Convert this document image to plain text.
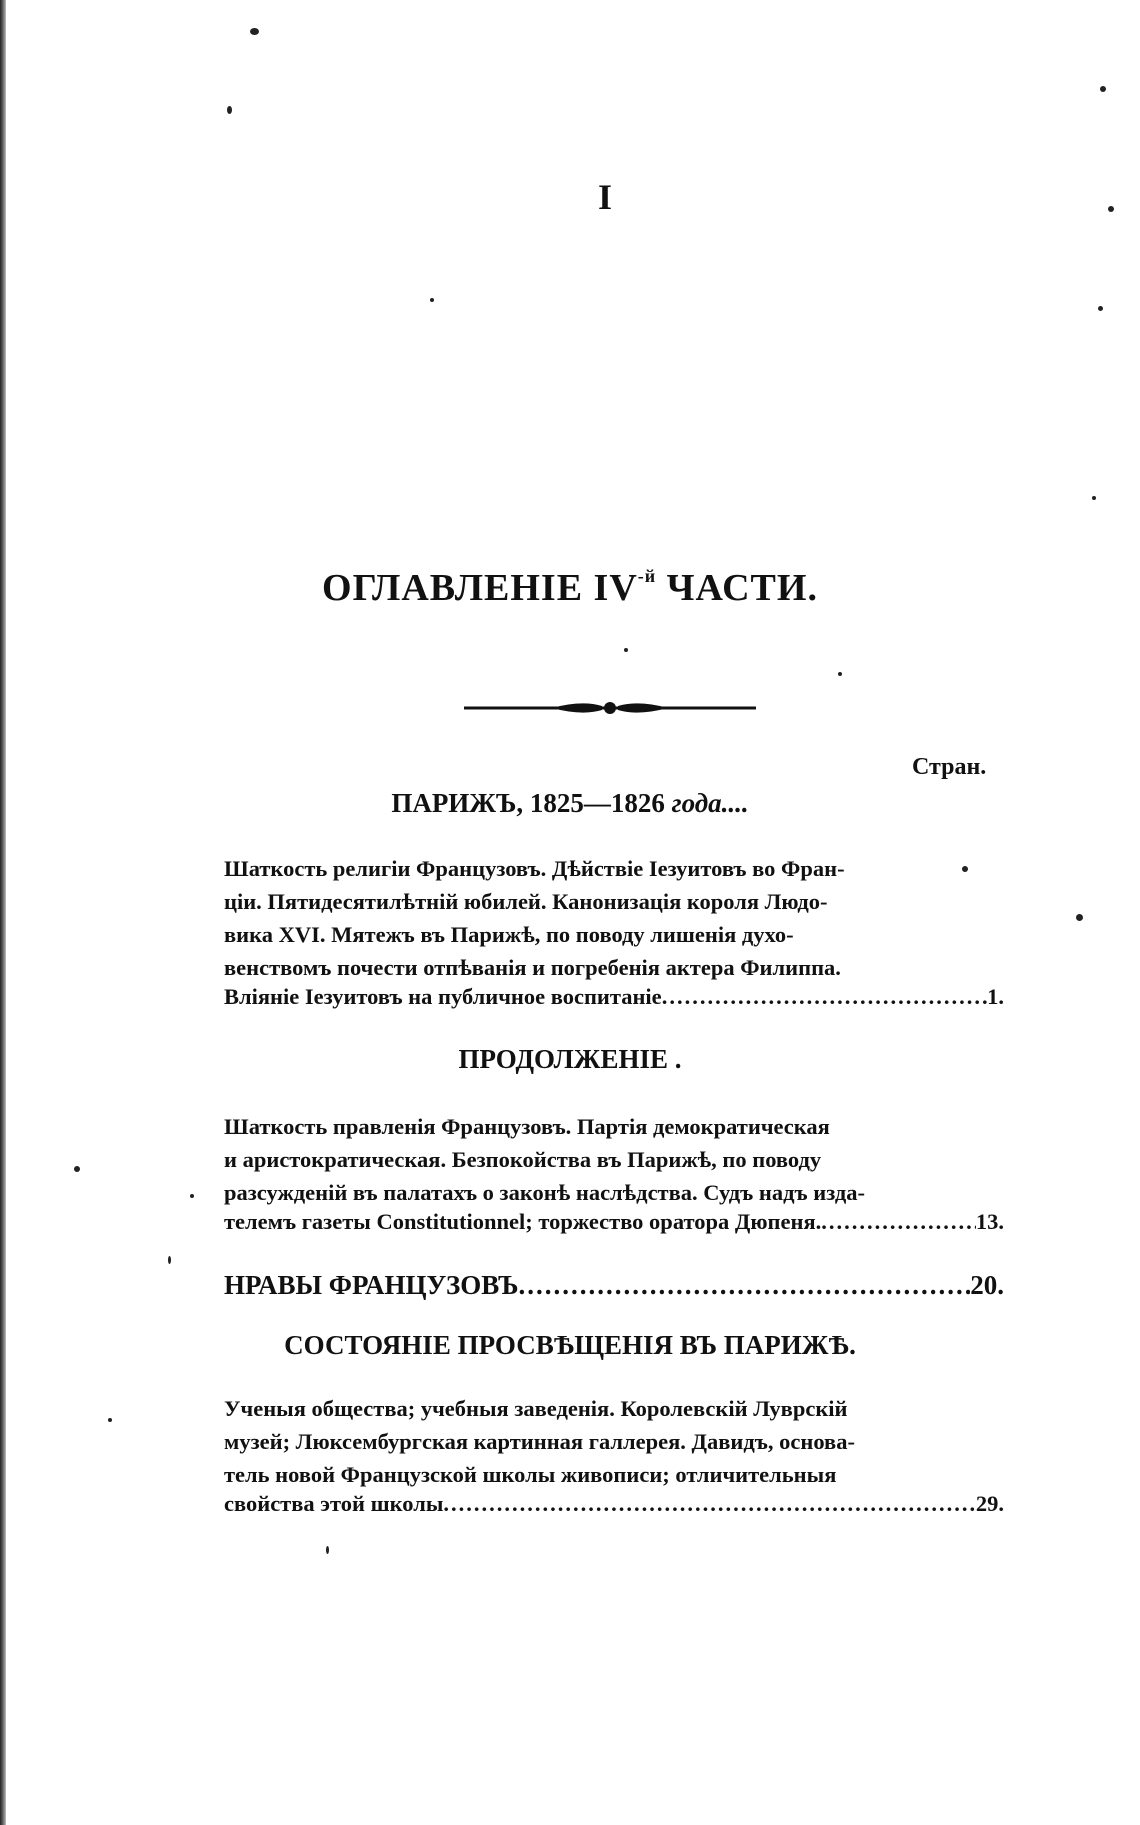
I
ОГЛАВЛЕНІЕ $IV^{-й}$ ЧАСТИ.
Стран.
ПАРИЖЪ, 1825—1826 года....
Шаткость религіи Французовъ. Дѣйствіе Іезуитовъ во Фран-
ціи. Пятидесятилѣтній юбилей. Канонизація короля Людо-
вика XVI. Мятежъ въ Парижѣ, по поводу лишенія духо-
венствомъ почести отпѣванія и погребенія актера Филиппа.
Вліяніе Іезуитовъ на публичное воспитаніе .....	1.
ПРОДОЛЖЕНІЕ .
Шаткость правленія Французовъ. Партія демократическая
и аристократическая. Безпокойства въ Парижѣ, по поводу
разсужденій въ палатахъ о законѣ наслѣдства. Судъ надъ изда-
телемъ газеты Constitutionnel; торжество оратора Дюпеня. .....	13.
НРАВЫ ФРАНЦУЗОВЪ .....	20.
СОСТОЯНІЕ ПРОСВѢЩЕНІЯ ВЪ ПАРИЖѢ.
Ученыя общества; учебныя заведенія. Королевскій Луврскій
музей; Люксембургская картинная галлерея. Давидъ, основа-
тель новой Французской школы живописи; отличительныя
свойства этой школы .....	29.
